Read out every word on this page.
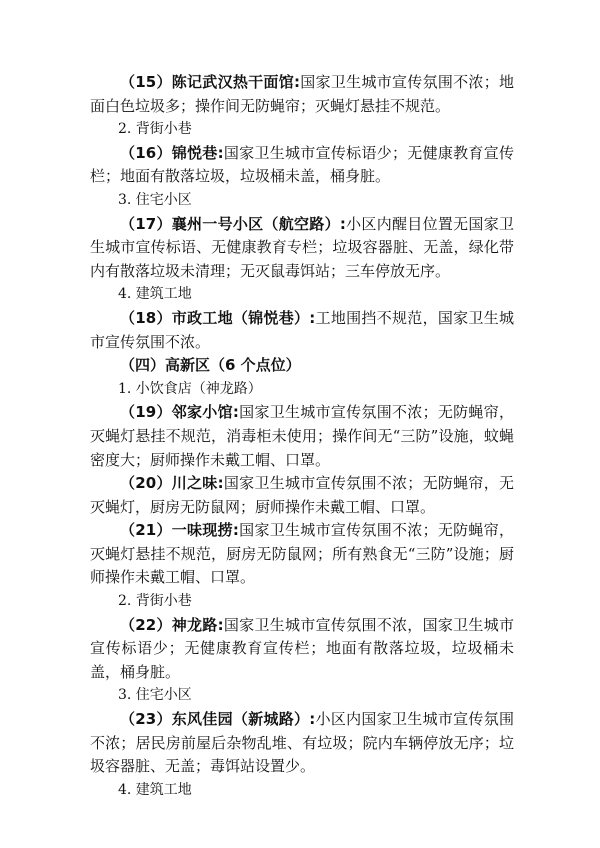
（15）陈记武汉热干面馆:国家卫生城市宣传氛围不浓；地面白色垃圾多；操作间无防蝇帘；灭蝇灯悬挂不规范。

2. 背街小巷

（16）锦悦巷:国家卫生城市宣传标语少；无健康教育宣传栏；地面有散落垃圾，垃圾桶未盖，桶身脏。

3. 住宅小区

（17）襄州一号小区（航空路）:小区内醒目位置无国家卫生城市宣传标语、无健康教育专栏；垃圾容器脏、无盖，绿化带内有散落垃圾未清理；无灭鼠毒饵站；三车停放无序。

4. 建筑工地

（18）市政工地（锦悦巷）:工地围挡不规范，国家卫生城市宣传氛围不浓。

（四）高新区（6 个点位）

1. 小饮食店（神龙路）

（19）邻家小馆:国家卫生城市宣传氛围不浓；无防蝇帘，灭蝇灯悬挂不规范，消毒柜未使用；操作间无“三防”设施，蚊蝇密度大；厨师操作未戴工帽、口罩。

（20）川之味:国家卫生城市宣传氛围不浓；无防蝇帘，无灭蝇灯，厨房无防鼠网；厨师操作未戴工帽、口罩。

（21）一味现捞:国家卫生城市宣传氛围不浓；无防蝇帘，灭蝇灯悬挂不规范，厨房无防鼠网；所有熟食无“三防”设施；厨师操作未戴工帽、口罩。

2. 背街小巷

（22）神龙路:国家卫生城市宣传氛围不浓，国家卫生城市宣传标语少；无健康教育宣传栏；地面有散落垃圾，垃圾桶未盖，桶身脏。

3. 住宅小区

（23）东风佳园（新城路）:小区内国家卫生城市宣传氛围不浓；居民房前屋后杂物乱堆、有垃圾；院内车辆停放无序；垃圾容器脏、无盖；毒饵站设置少。

4. 建筑工地
